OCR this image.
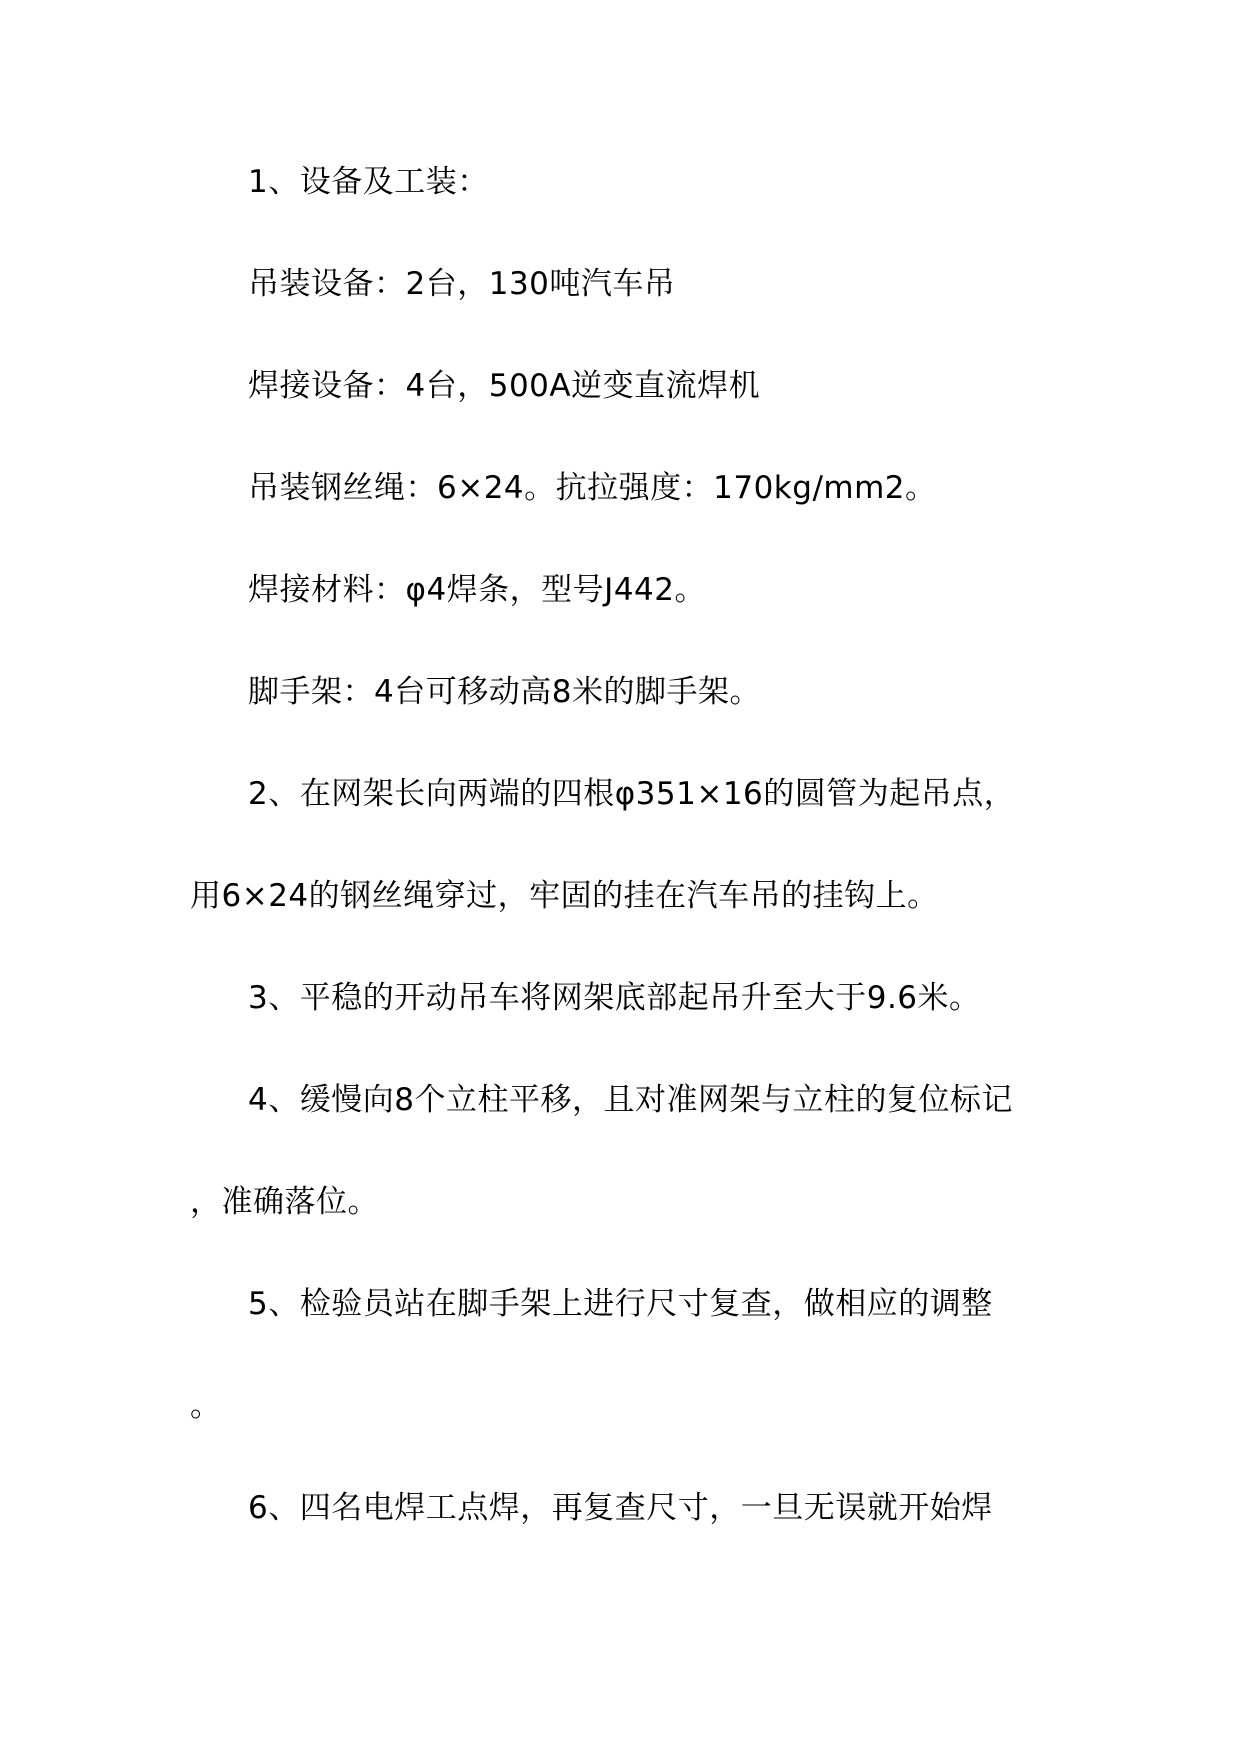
1、设备及工装：
吊装设备：2台，130吨汽车吊
焊接设备：4台，500A逆变直流焊机
吊装钢丝绳：6×24。抗拉强度：170kg/mm2。
焊接材料：φ4焊条，型号J442。
脚手架：4台可移动高8米的脚手架。
2、在网架长向两端的四根φ351×16的圆管为起吊点，
用6×24的钢丝绳穿过，牢固的挂在汽车吊的挂钩上。
3、平稳的开动吊车将网架底部起吊升至大于9.6米。
4、缓慢向8个立柱平移，且对准网架与立柱的复位标记
，准确落位。
5、检验员站在脚手架上进行尺寸复查，做相应的调整
。
6、四名电焊工点焊，再复查尺寸，一旦无误就开始焊
